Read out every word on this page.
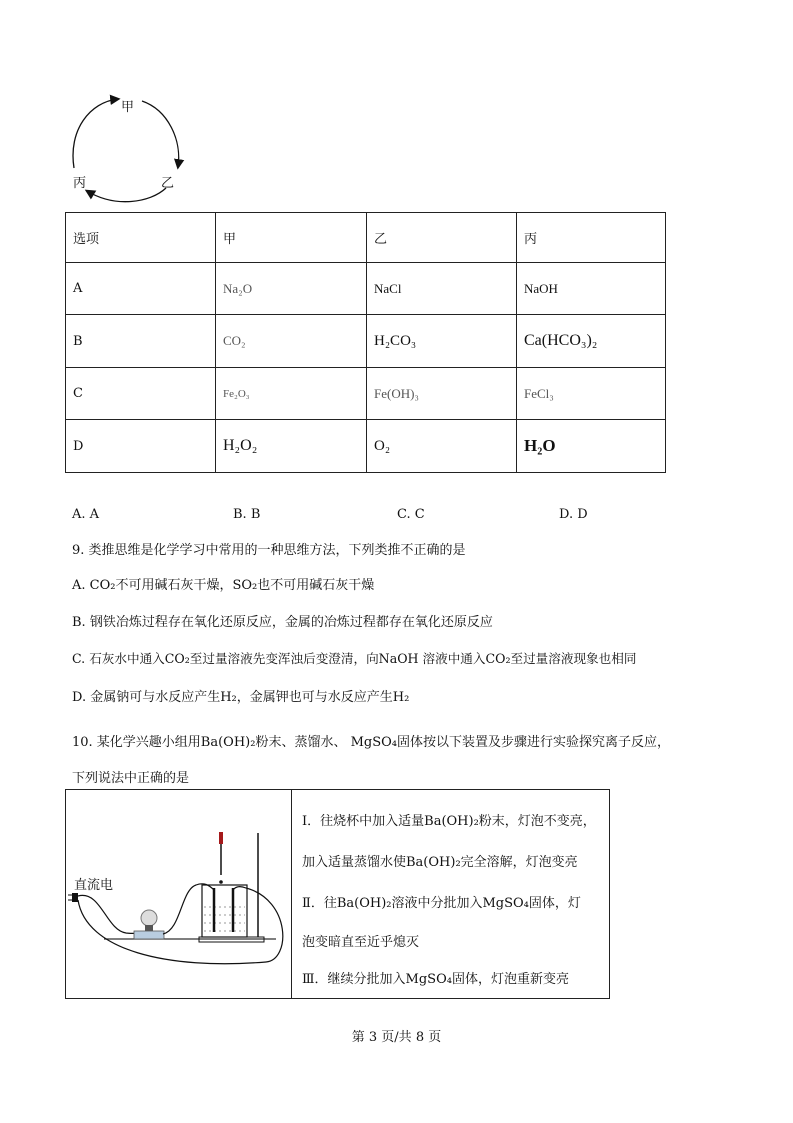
甲
乙
丙
选项	甲	乙	丙
A	Na₂O	NaCl	NaOH
B	CO₂	H₂CO₃	Ca(HCO₃)₂
C	Fe₂O₃	Fe(OH)₃	FeCl₃
D	H₂O₂	O₂	H₂O
A. A	B. B	C. C	D. D
9. 类推思维是化学学习中常用的一种思维方法，下列类推不正确的是
A. CO₂不可用碱石灰干燥，SO₂也不可用碱石灰干燥
B. 钢铁冶炼过程存在氧化还原反应，金属的冶炼过程都存在氧化还原反应
C. 石灰水中通入CO₂至过量溶液先变浑浊后变澄清，向NaOH 溶液中通入CO₂至过量溶液现象也相同
D. 金属钠可与水反应产生H₂，金属钾也可与水反应产生H₂
10. 某化学兴趣小组用Ba(OH)₂粉末、蒸馏水、 MgSO₄固体按以下装置及步骤进行实验探究离子反应，
下列说法中正确的是
直流电
Ⅰ．往烧杯中加入适量Ba(OH)₂粉末，灯泡不变亮，
加入适量蒸馏水使Ba(OH)₂完全溶解，灯泡变亮
Ⅱ．往Ba(OH)₂溶液中分批加入MgSO₄固体，灯
泡变暗直至近乎熄灭
Ⅲ．继续分批加入MgSO₄固体，灯泡重新变亮
第 3 页/共 8 页
